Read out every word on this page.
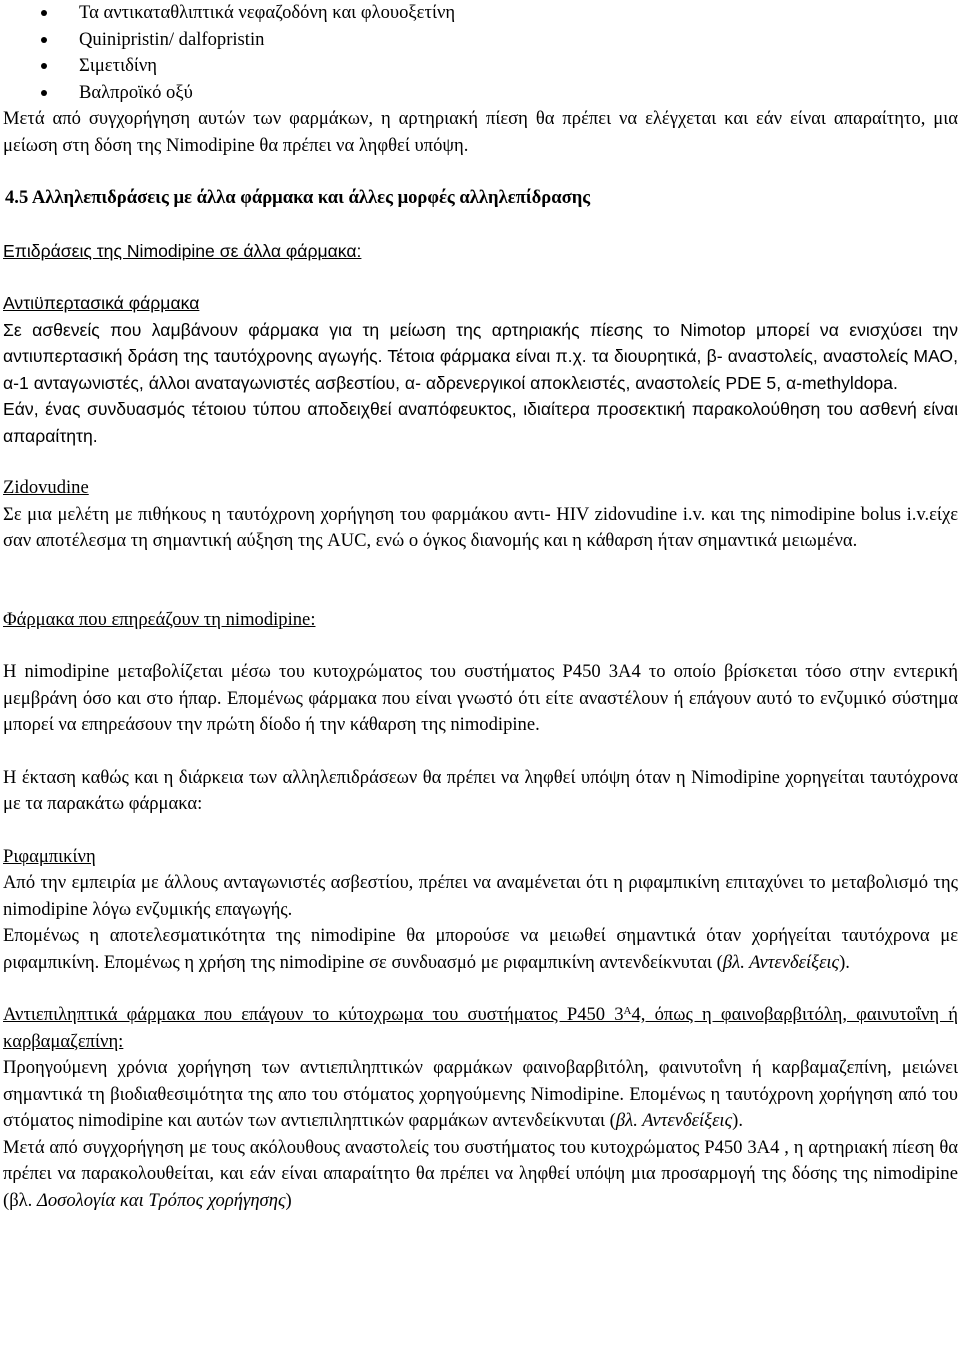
Τα αντικαταθλιπτικά νεφαζοδόνη και φλουοξετίνη
Quinipristin/ dalfopristin
Σιμετιδίνη
Βαλπροϊκό οξύ

Μετά από συγχορήγηση αυτών των φαρμάκων, η αρτηριακή πίεση θα πρέπει να ελέγχεται και εάν είναι απαραίτητο, μια μείωση στη δόση της Nimodipine θα πρέπει να ληφθεί υπόψη.

4.5 Αλληλεπιδράσεις με άλλα φάρμακα και άλλες μορφές αλληλεπίδρασης

Επιδράσεις της Nimodipine σε άλλα φάρμακα:

Αντιϋπερτασικά φάρμακα

Σε ασθενείς που λαμβάνουν φάρμακα για τη μείωση της αρτηριακής πίεσης το Nimotop μπορεί να ενισχύσει την αντιυπερτασική δράση της ταυτόχρονης αγωγής. Τέτοια φάρμακα είναι π.χ. τα διουρητικά, β- αναστολείς, αναστολείς ΜΑΟ, α-1 ανταγωνιστές, άλλοι αναταγωνιστές ασβεστίου, α- αδρενεργικοί αποκλειστές, αναστολείς PDE 5, α-methyldopa.

Εάν, ένας συνδυασμός τέτοιου τύπου αποδειχθεί αναπόφευκτος, ιδιαίτερα προσεκτική παρακολούθηση του ασθενή είναι απαραίτητη.

Zidovudine

Σε μια μελέτη με πιθήκους η ταυτόχρονη χορήγηση του φαρμάκου αντι- HIV zidovudine i.v. και της nimodipine bolus i.v.είχε σαν αποτέλεσμα τη σημαντική αύξηση της AUC, ενώ ο όγκος διανομής και η κάθαρση ήταν σημαντικά μειωμένα.

Φάρμακα που επηρεάζουν τη nimodipine:

Η nimodipine μεταβολίζεται μέσω του κυτοχρώματος του συστήματος P450 3A4 το οποίο βρίσκεται τόσο στην εντερική μεμβράνη όσο και στο ήπαρ. Επομένως φάρμακα που είναι γνωστό ότι είτε αναστέλουν ή επάγουν αυτό το ενζυμικό σύστημα μπορεί να επηρεάσουν την πρώτη δίοδο ή την κάθαρση της nimodipine.

Η έκταση καθώς και η διάρκεια των αλληλεπιδράσεων θα πρέπει να ληφθεί υπόψη όταν η Nimodipine χορηγείται ταυτόχρονα με τα παρακάτω φάρμακα:

Ριφαμπικίνη

Από την εμπειρία με άλλους ανταγωνιστές ασβεστίου, πρέπει να αναμένεται ότι η ριφαμπικίνη επιταχύνει το μεταβολισμό της nimodipine λόγω ενζυμικής επαγωγής.

Επομένως η αποτελεσματικότητα της nimodipine θα μπορούσε να μειωθεί σημαντικά όταν χορήγείται ταυτόχρονα με ριφαμπικίνη. Επομένως η χρήση της nimodipine σε συνδυασμό με ριφαμπικίνη αντενδείκνυται (βλ. Αντενδείξεις).

Αντιεπιληπτικά φάρμακα που επάγουν το κύτοχρωμα του συστήματος P450 $3^A4$, όπως η φαινοβαρβιτόλη, φαινυτοΐνη ή καρβαμαζεπίνη:

Προηγούμενη χρόνια χορήγηση των αντιεπιληπτικών φαρμάκων φαινοβαρβιτόλη, φαινυτοΐνη ή καρβαμαζεπίνη, μειώνει σημαντικά τη βιοδιαθεσιμότητα της απο του στόματος χορηγούμενης Nimodipine. Επομένως η ταυτόχρονη χορήγηση από του στόματος nimodipine και αυτών των αντιεπιληπτικών φαρμάκων αντενδείκνυται (βλ. Αντενδείξεις).

Μετά από συγχορήγηση με τους ακόλουθους αναστολείς του συστήματος του κυτοχρώματος P450 3A4 , η αρτηριακή πίεση θα πρέπει να παρακολουθείται, και εάν είναι απαραίτητο θα πρέπει να ληφθεί υπόψη μια προσαρμογή της δόσης της nimodipine (βλ. Δοσολογία και Τρόπος χορήγησης)
